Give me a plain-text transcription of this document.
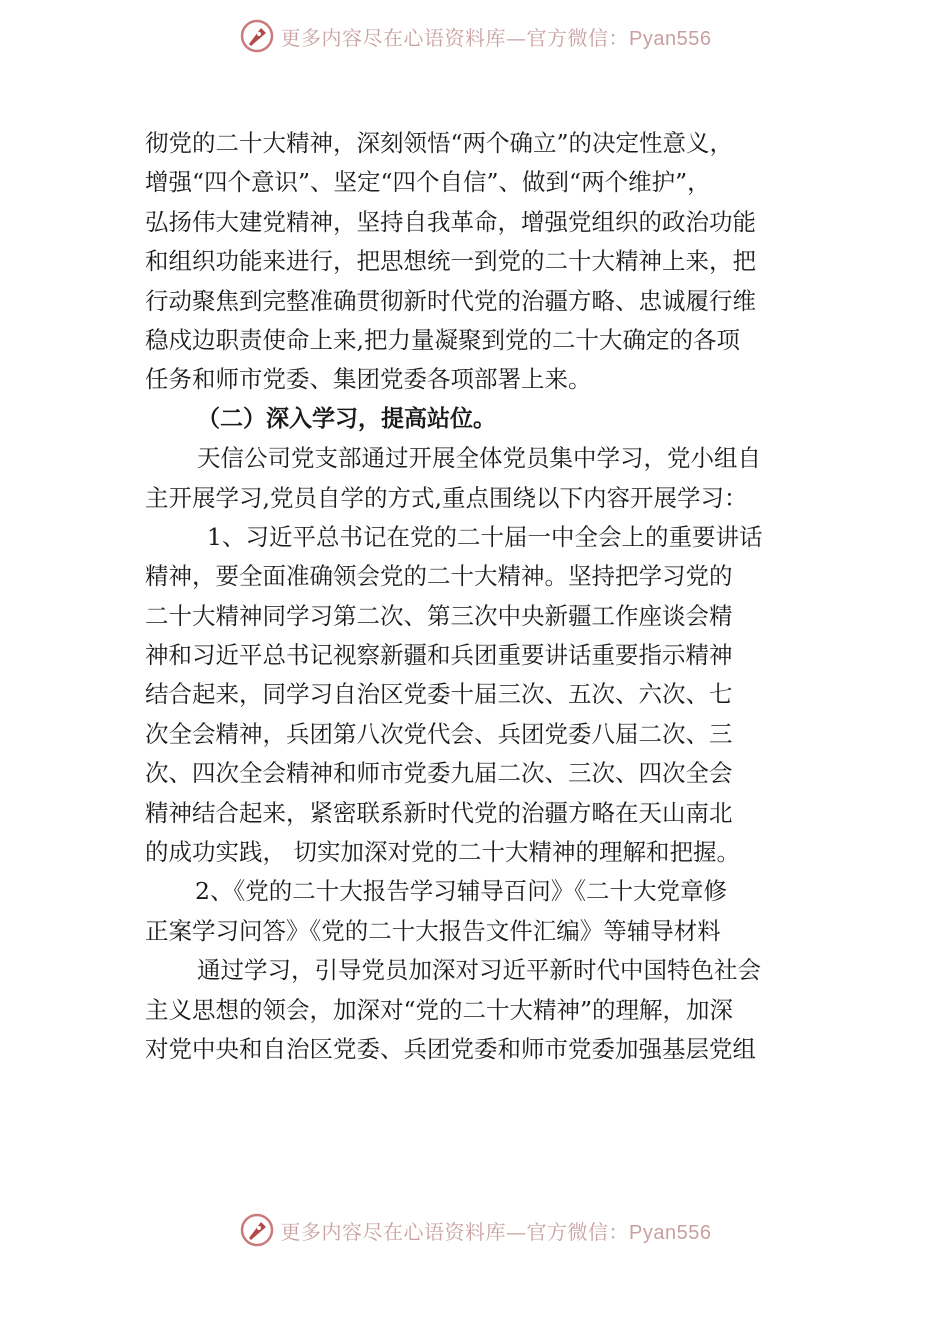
更多内容尽在心语资料库—官方微信：Pyan556
彻党的二十大精神，深刻领悟“两个确立”的决定性意义，
增强“四个意识”、坚定“四个自信”、做到“两个维护”，
弘扬伟大建党精神，坚持自我革命，增强党组织的政治功能
和组织功能来进行，把思想统一到党的二十大精神上来，把
行动聚焦到完整准确贯彻新时代党的治疆方略、忠诚履行维
稳戍边职责使命上来,把力量凝聚到党的二十大确定的各项
任务和师市党委、集团党委各项部署上来。
（二）深入学习，提高站位。
天信公司党支部通过开展全体党员集中学习，党小组自
主开展学习,党员自学的方式,重点围绕以下内容开展学习：
1、习近平总书记在党的二十届一中全会上的重要讲话
精神，要全面准确领会党的二十大精神。坚持把学习党的
二十大精神同学习第二次、第三次中央新疆工作座谈会精
神和习近平总书记视察新疆和兵团重要讲话重要指示精神
结合起来，同学习自治区党委十届三次、五次、六次、七
次全会精神，兵团第八次党代会、兵团党委八届二次、三
次、四次全会精神和师市党委九届二次、三次、四次全会
精神结合起来，紧密联系新时代党的治疆方略在天山南北
的成功实践， 切实加深对党的二十大精神的理解和把握。
2、《党的二十大报告学习辅导百问》《二十大党章修
正案学习问答》《党的二十大报告文件汇编》等辅导材料
通过学习，引导党员加深对习近平新时代中国特色社会
主义思想的领会，加深对“党的二十大精神”的理解，加深
对党中央和自治区党委、兵团党委和师市党委加强基层党组
更多内容尽在心语资料库—官方微信：Pyan556
